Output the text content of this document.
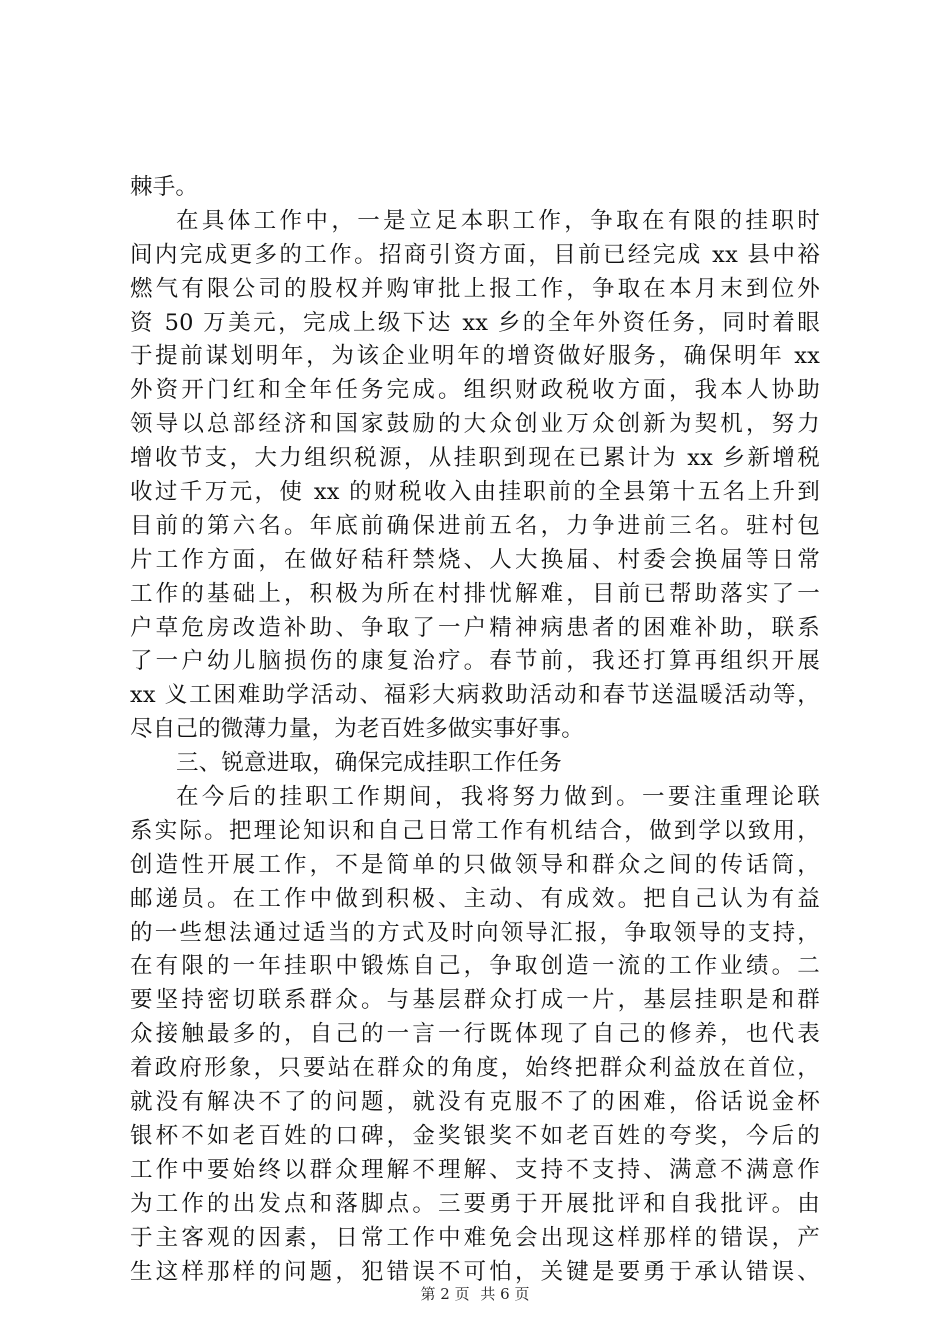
棘手。
在具体工作中，一是立足本职工作，争取在有限的挂职时
间内完成更多的工作。招商引资方面，目前已经完成 xx 县中裕
燃气有限公司的股权并购审批上报工作，争取在本月末到位外
资 50 万美元，完成上级下达 xx 乡的全年外资任务，同时着眼
于提前谋划明年，为该企业明年的增资做好服务，确保明年 xx
外资开门红和全年任务完成。组织财政税收方面，我本人协助
领导以总部经济和国家鼓励的大众创业万众创新为契机，努力
增收节支，大力组织税源，从挂职到现在已累计为 xx 乡新增税
收过千万元，使 xx 的财税收入由挂职前的全县第十五名上升到
目前的第六名。年底前确保进前五名，力争进前三名。驻村包
片工作方面，在做好秸秆禁烧、人大换届、村委会换届等日常
工作的基础上，积极为所在村排忧解难，目前已帮助落实了一
户草危房改造补助、争取了一户精神病患者的困难补助，联系
了一户幼儿脑损伤的康复治疗。春节前，我还打算再组织开展
xx 义工困难助学活动、福彩大病救助活动和春节送温暖活动等，
尽自己的微薄力量，为老百姓多做实事好事。
三、锐意进取，确保完成挂职工作任务
在今后的挂职工作期间，我将努力做到。一要注重理论联
系实际。把理论知识和自己日常工作有机结合，做到学以致用，
创造性开展工作，不是简单的只做领导和群众之间的传话筒，
邮递员。在工作中做到积极、主动、有成效。把自己认为有益
的一些想法通过适当的方式及时向领导汇报，争取领导的支持，
在有限的一年挂职中锻炼自己，争取创造一流的工作业绩。二
要坚持密切联系群众。与基层群众打成一片，基层挂职是和群
众接触最多的，自己的一言一行既体现了自己的修养，也代表
着政府形象，只要站在群众的角度，始终把群众利益放在首位，
就没有解决不了的问题，就没有克服不了的困难，俗话说金杯
银杯不如老百姓的口碑，金奖银奖不如老百姓的夸奖，今后的
工作中要始终以群众理解不理解、支持不支持、满意不满意作
为工作的出发点和落脚点。三要勇于开展批评和自我批评。由
于主客观的因素，日常工作中难免会出现这样那样的错误，产
生这样那样的问题，犯错误不可怕，关键是要勇于承认错误、
第 2 页 共 6 页
